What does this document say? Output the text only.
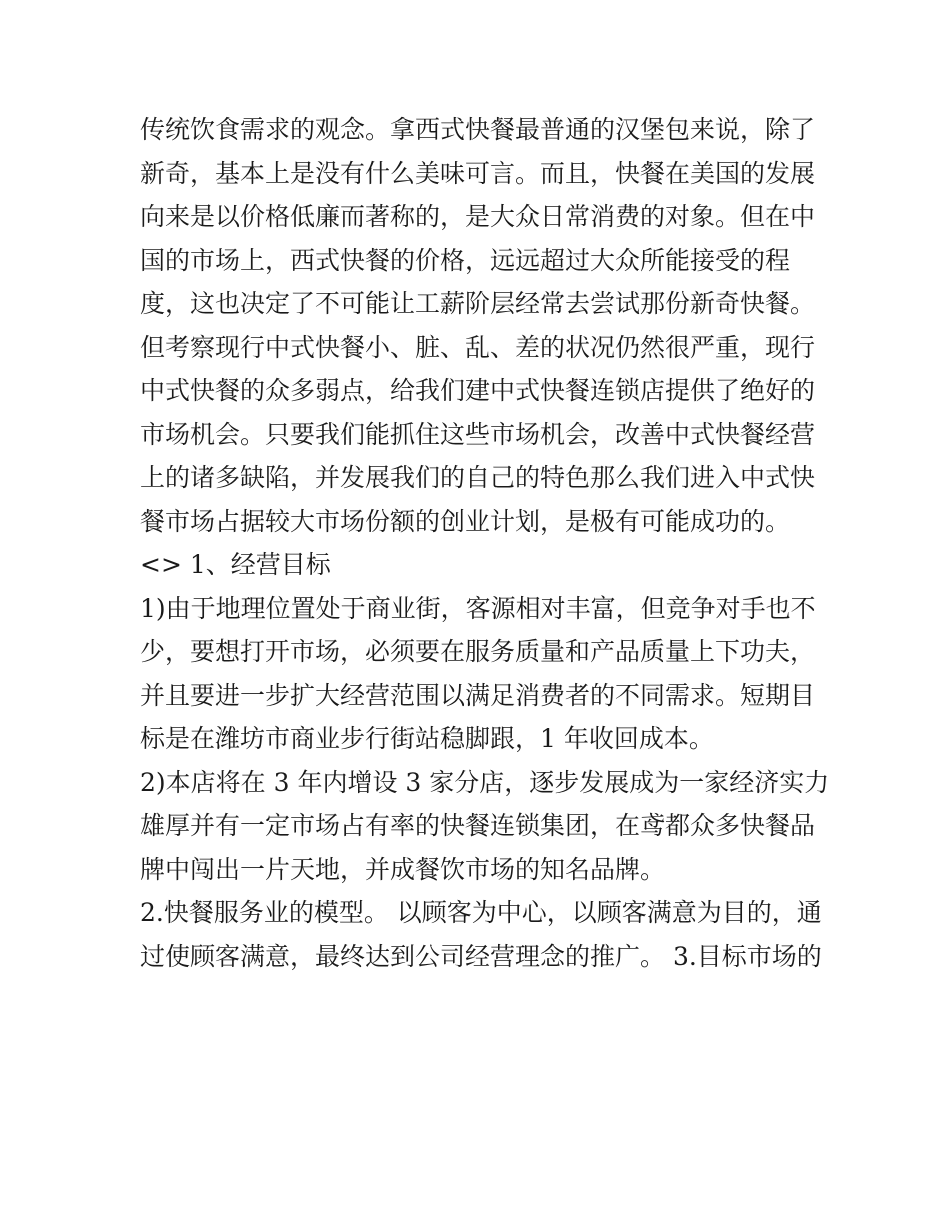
传统饮食需求的观念。拿西式快餐最普通的汉堡包来说，除了
新奇，基本上是没有什么美味可言。而且，快餐在美国的发展
向来是以价格低廉而著称的，是大众日常消费的对象。但在中
国的市场上，西式快餐的价格，远远超过大众所能接受的程
度，这也决定了不可能让工薪阶层经常去尝试那份新奇快餐。
但考察现行中式快餐小、脏、乱、差的状况仍然很严重，现行
中式快餐的众多弱点，给我们建中式快餐连锁店提供了绝好的
市场机会。只要我们能抓住这些市场机会，改善中式快餐经营
上的诸多缺陷，并发展我们的自己的特色那么我们进入中式快
餐市场占据较大市场份额的创业计划，是极有可能成功的。
<> 1、经营目标
1)由于地理位置处于商业街，客源相对丰富，但竞争对手也不
少，要想打开市场，必须要在服务质量和产品质量上下功夫，
并且要进一步扩大经营范围以满足消费者的不同需求。短期目
标是在潍坊市商业步行街站稳脚跟，1 年收回成本。
2)本店将在 3 年内增设 3 家分店，逐步发展成为一家经济实力
雄厚并有一定市场占有率的快餐连锁集团，在鸢都众多快餐品
牌中闯出一片天地，并成餐饮市场的知名品牌。
2.快餐服务业的模型。 以顾客为中心，以顾客满意为目的，通
过使顾客满意，最终达到公司经营理念的推广。 3.目标市场的
